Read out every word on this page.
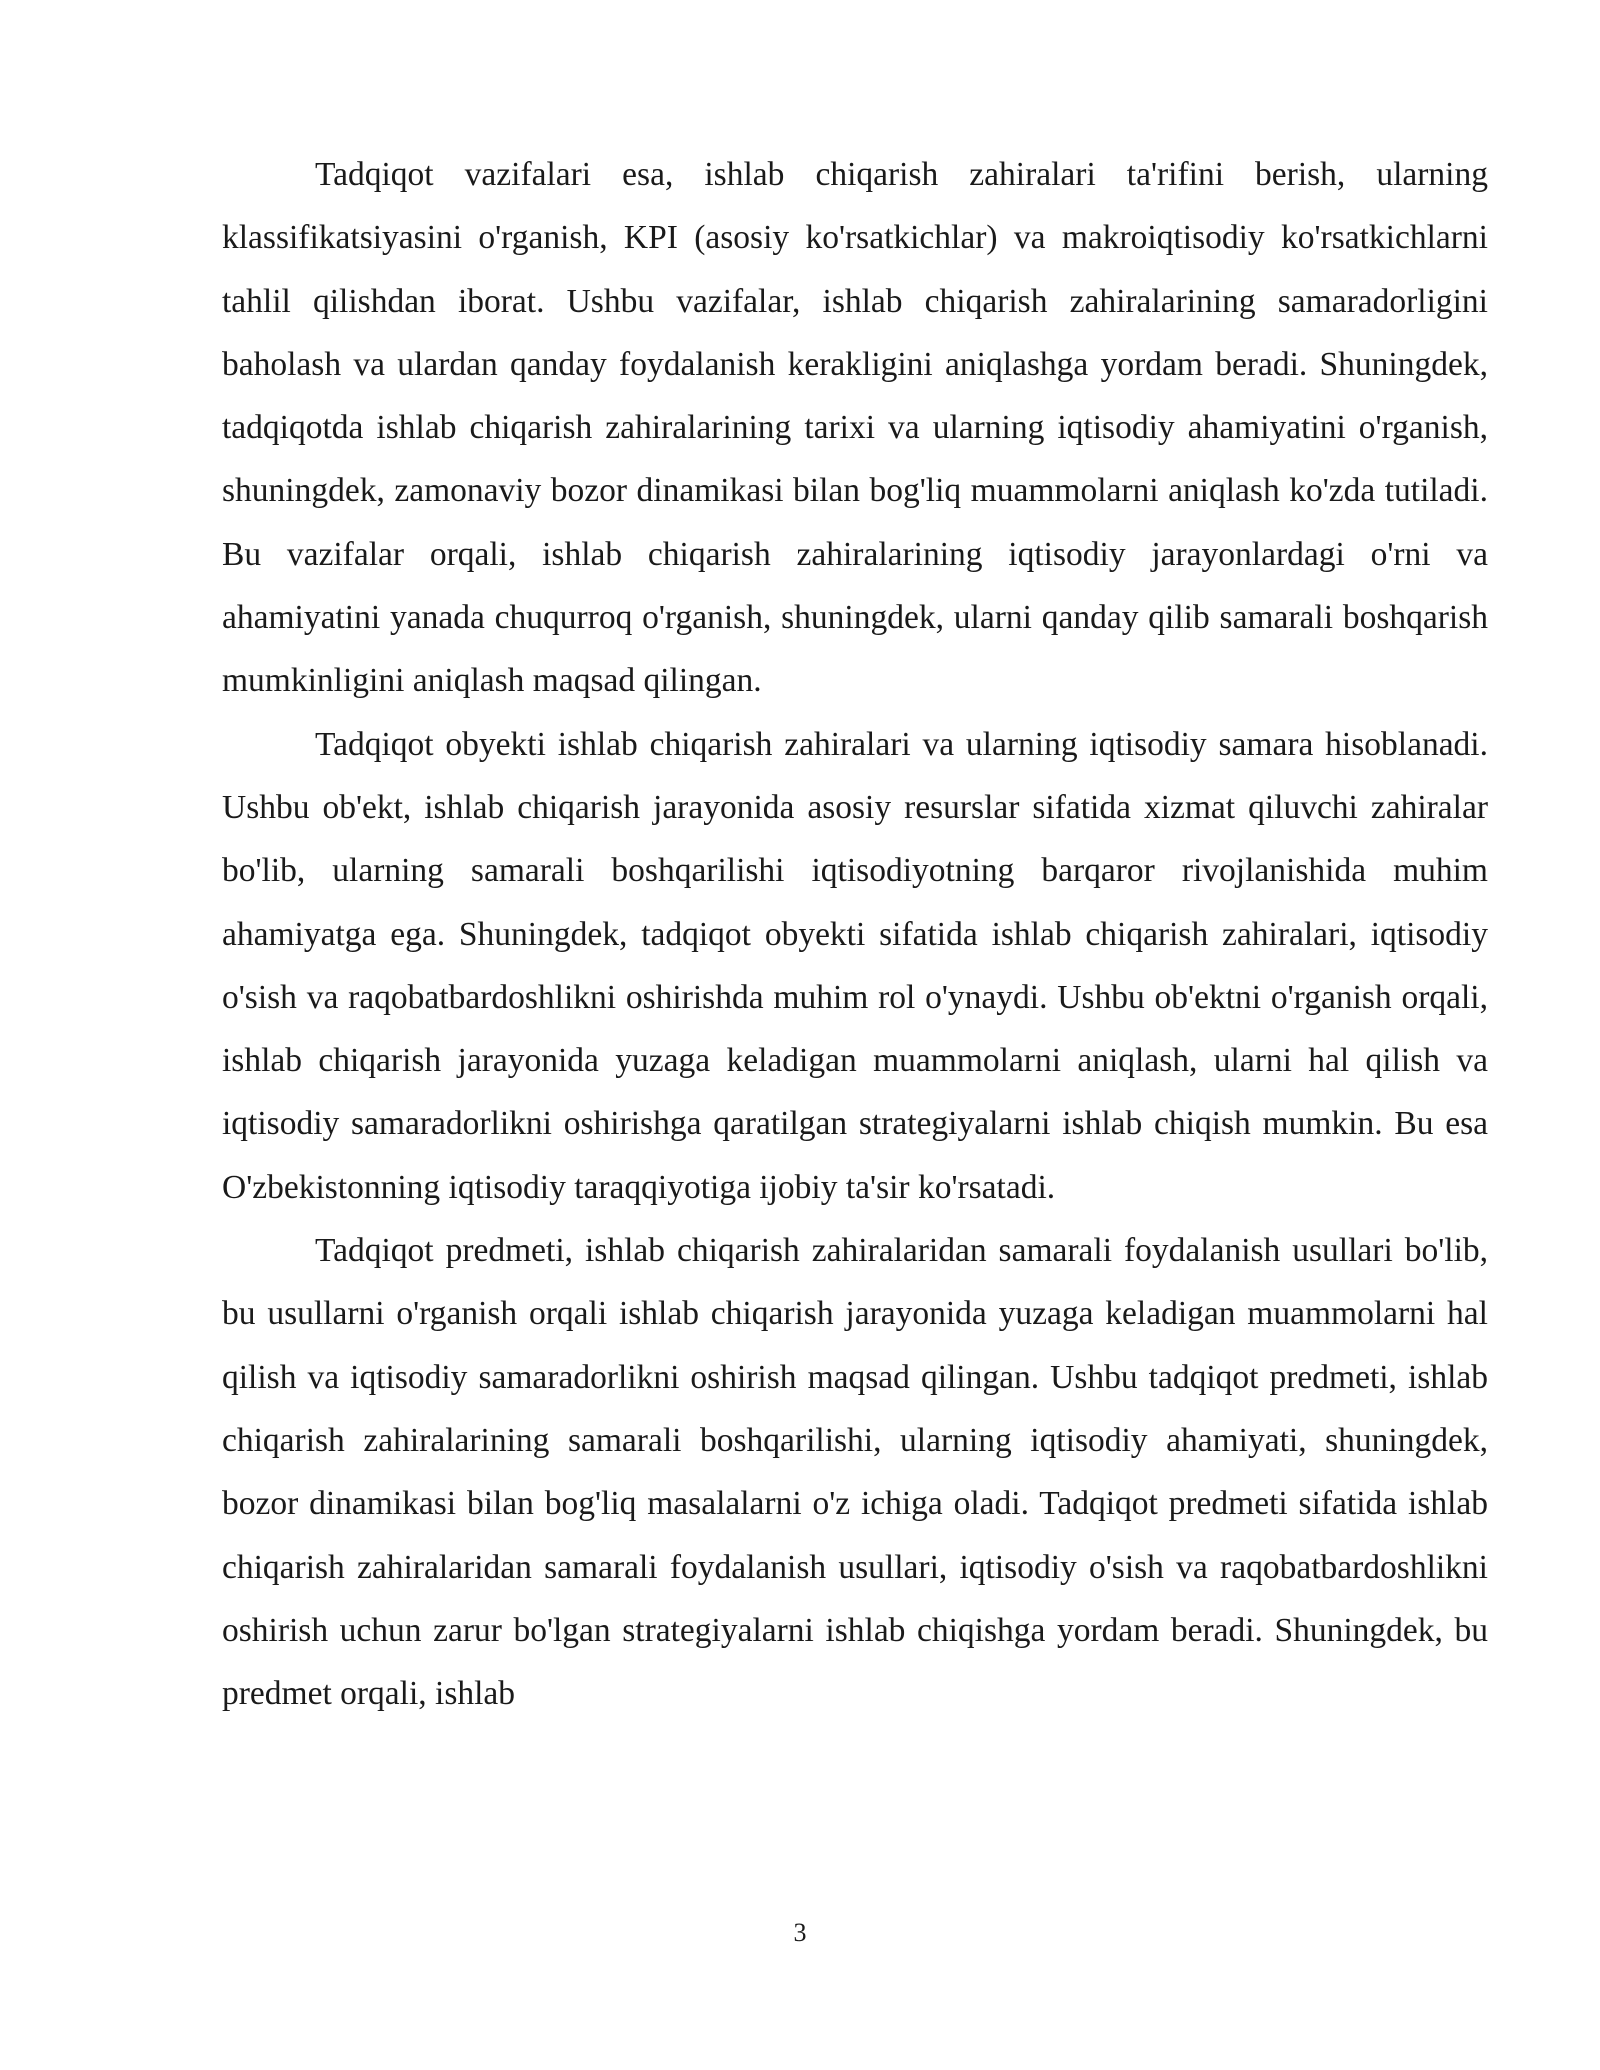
Tadqiqot vazifalari esa, ishlab chiqarish zahiralari ta'rifini berish, ularning klassifikatsiyasini o'rganish, KPI (asosiy ko'rsatkichlar) va makroiqtisodiy ko'rsatkichlarni tahlil qilishdan iborat. Ushbu vazifalar, ishlab chiqarish zahiralarining samaradorligini baholash va ulardan qanday foydalanish kerakligini aniqlashga yordam beradi. Shuningdek, tadqiqotda ishlab chiqarish zahiralarining tarixi va ularning iqtisodiy ahamiyatini o'rganish, shuningdek, zamonaviy bozor dinamikasi bilan bog'liq muammolarni aniqlash ko'zda tutiladi. Bu vazifalar orqali, ishlab chiqarish zahiralarining iqtisodiy jarayonlardagi o'rni va ahamiyatini yanada chuqurroq o'rganish, shuningdek, ularni qanday qilib samarali boshqarish mumkinligini aniqlash maqsad qilingan.

Tadqiqot obyekti ishlab chiqarish zahiralari va ularning iqtisodiy samara hisoblanadi. Ushbu ob'ekt, ishlab chiqarish jarayonida asosiy resurslar sifatida xizmat qiluvchi zahiralar bo'lib, ularning samarali boshqarilishi iqtisodiyotning barqaror rivojlanishida muhim ahamiyatga ega. Shuningdek, tadqiqot obyekti sifatida ishlab chiqarish zahiralari, iqtisodiy o'sish va raqobatbardoshlikni oshirishda muhim rol o'ynaydi. Ushbu ob'ektni o'rganish orqali, ishlab chiqarish jarayonida yuzaga keladigan muammolarni aniqlash, ularni hal qilish va iqtisodiy samaradorlikni oshirishga qaratilgan strategiyalarni ishlab chiqish mumkin. Bu esa O'zbekistonning iqtisodiy taraqqiyotiga ijobiy ta'sir ko'rsatadi.

Tadqiqot predmeti, ishlab chiqarish zahiralaridan samarali foydalanish usullari bo'lib, bu usullarni o'rganish orqali ishlab chiqarish jarayonida yuzaga keladigan muammolarni hal qilish va iqtisodiy samaradorlikni oshirish maqsad qilingan. Ushbu tadqiqot predmeti, ishlab chiqarish zahiralarining samarali boshqarilishi, ularning iqtisodiy ahamiyati, shuningdek, bozor dinamikasi bilan bog'liq masalalarni o'z ichiga oladi. Tadqiqot predmeti sifatida ishlab chiqarish zahiralaridan samarali foydalanish usullari, iqtisodiy o'sish va raqobatbardoshlikni oshirish uchun zarur bo'lgan strategiyalarni ishlab chiqishga yordam beradi. Shuningdek, bu predmet orqali, ishlab

3
